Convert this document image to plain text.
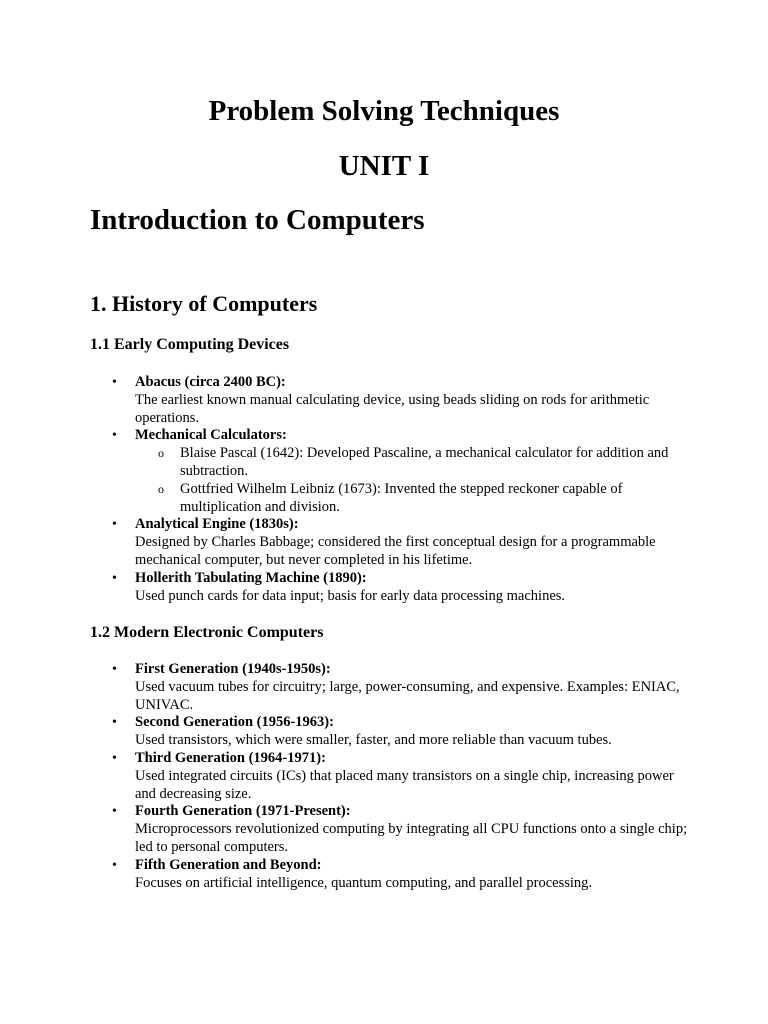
Problem Solving Techniques
UNIT I
Introduction to Computers
1. History of Computers
1.1 Early Computing Devices
• Abacus (circa 2400 BC):
The earliest known manual calculating device, using beads sliding on rods for arithmetic operations.
• Mechanical Calculators:
o Blaise Pascal (1642): Developed Pascaline, a mechanical calculator for addition and subtraction.
o Gottfried Wilhelm Leibniz (1673): Invented the stepped reckoner capable of multiplication and division.
• Analytical Engine (1830s):
Designed by Charles Babbage; considered the first conceptual design for a programmable mechanical computer, but never completed in his lifetime.
• Hollerith Tabulating Machine (1890):
Used punch cards for data input; basis for early data processing machines.
1.2 Modern Electronic Computers
• First Generation (1940s-1950s):
Used vacuum tubes for circuitry; large, power-consuming, and expensive. Examples: ENIAC, UNIVAC.
• Second Generation (1956-1963):
Used transistors, which were smaller, faster, and more reliable than vacuum tubes.
• Third Generation (1964-1971):
Used integrated circuits (ICs) that placed many transistors on a single chip, increasing power and decreasing size.
• Fourth Generation (1971-Present):
Microprocessors revolutionized computing by integrating all CPU functions onto a single chip; led to personal computers.
• Fifth Generation and Beyond:
Focuses on artificial intelligence, quantum computing, and parallel processing.
